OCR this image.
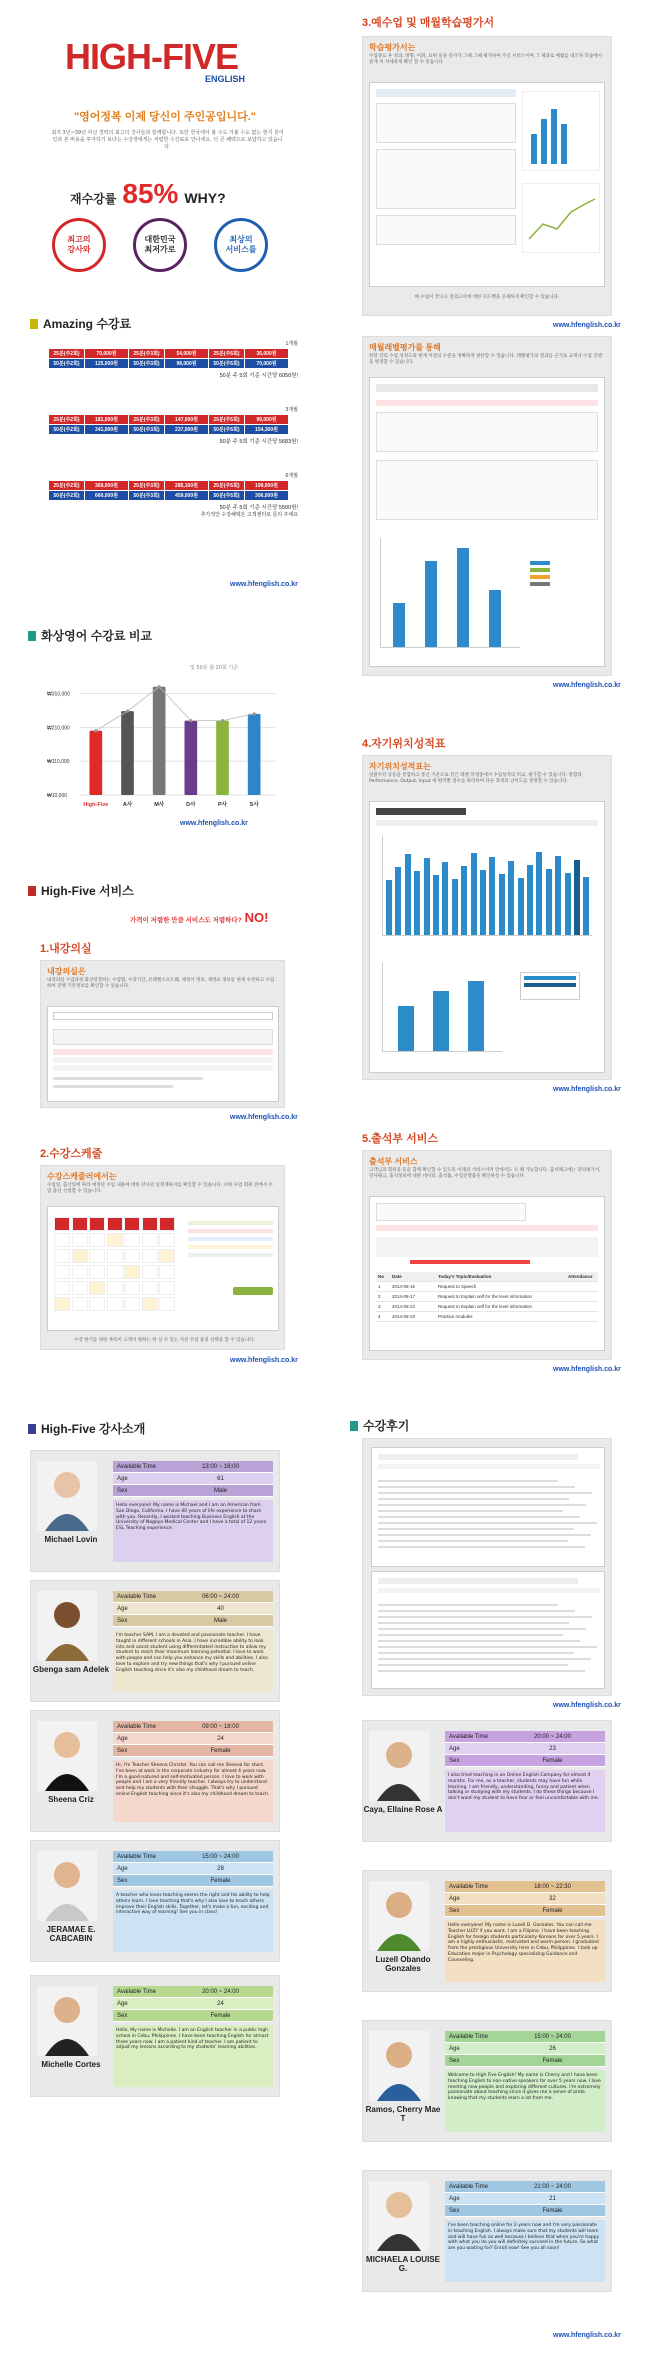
HIGH-FIVE
ENGLISH
"영어정복 이제 당신이 주인공입니다."
최지 3년~39년 여년 경력의 최고의 강사들과 함께합니다. 또한 한국에서 볼 수도 가볼 수도 없는 현지 원어민과 본 비용을 투자하기 보다는 수강생에게는 저렴한 수강료로 만나세요. 더 큰 혜택으로 보답하고 있습니다.
재수강률 85% WHY?
최고의
강사와
대한민국
최저가로
최상의
서비스를
Amazing 수강료
1개월
25분(주2회)	70,000원	25분(주3회)	54,000원	25분(주5회)	36,000원
50분(주2회)	125,000원	50분(주3회)	98,000원	50분(주5회)	70,000원
50분 주 5회 기준 시간당 6050원!
3개월
25분(주2회)	181,000원	25분(주3회)	147,000원	25분(주5회)	99,000원
50분(주2회)	341,000원	50분(주3회)	237,000원	50분(주5회)	154,300원
50분 주 5회 기준 시간당 5683원!
6개월
25분(주2회)	369,000원	25분(주3회)	285,100원	25분(주5회)	199,000원
50분(주2회)	660,000원	50분(주3회)	459,000원	50분(주5회)	306,000원
50분 주 5회 기준 시간당 5500원!
추가적인 수강혜택은 고객센터로 문의 주세요
www.hfenglish.co.kr
화상영어 수강료 비교
및 50분 월 20회 기준
₩10,000
₩110,000
₩210,000
₩310,000
High-Five	A사	M사	D사	P사	S사
www.hfenglish.co.kr
High-Five 서비스
가격이 저렴한 만큼 서비스도 저렴하다? NO!
1.내강의실
내강의실은
내강의실 수업과정 화상연결하는 수업법, 수강기간, 유레벨소프트웨, 제정서 정보, 제정표 정보등 현재 수강하고 수업하여 진행 기본정보를 확인할 수 있습니다.
www.hfenglish.co.kr
2.수강스케줄
수강스케줄러에서는
수업일, 출산일에 따라 예정된 수업 내용에 대한 강사의 일정계획서를 확인할 수 있습니다. 포한 수업 회원 전에서 수업 출신 신청할 수 있습니다.
수강 한기를 위한 목록이 고객이 원하는 한 실 수 있는 지친 수업 중의 선택을 할 수 있습니다.
www.hfenglish.co.kr
High-Five 강사소개
Michael Lovin
Available Time	13:00 ~ 16:00
Age	61
Sex	Male
Hello everyone! My name is Michael and I am an American from San Diego, California. I have 40 years of life experience to share with you. Recently, I worked teaching Business English at the University of Nagoya Medical Center and I have a total of 12 years ESL Teaching experience.
Gbenga sam Adelek
Available Time	06:00 ~ 24:00
Age	40
Sex	Male
I'm teacher SAM, I am a devoted and passionate teacher. I have taught in different schools in Asia. I have incredible ability to look into and assist student using differentiated instruction to allow my student to reach their maximum learning potential. I love to work with people and can help you enhance my skills and abilities. I also love to explore and try new things that's why I pursued online English teaching since it's also my childhood dream to teach.
Sheena Criz
Available Time	09:00 ~ 18:00
Age	24
Sex	Female
Hi, I'm Teacher Sheena Christel. You can call me Sheena for short. I've been at work in the corporate industry for almost 4 years now. I'm a good-natured and self-motivated person. I love to work with people and I am a very friendly teacher. I always try to understand and help my students with their struggle. That's why I pursued online English teaching since it's also my childhood dream to teach.
JERAMAE E. CABCABIN
Available Time	15:00 ~ 24:00
Age	28
Sex	Female
A teacher who loves teaching seems the right and his ability to help others learn. I love teaching that's why I also love to teach others improve their English skills. Together, let's make a fun, exciting and interactive way of learning! See you in class!
Michelle Cortes
Available Time	20:00 ~ 24:00
Age	24
Sex	Female
Hello, My name is Michelle. I am an English teacher in a public high school in Cebu, Philippines. I have been teaching English for almost three years now. I am a patient kind of teacher. I am patient to adjust my lessons according to my students' learning abilities.
3.예수업 및 매월학습평가서
학습평가서는
수업종료 후 성과, 방향, 어휘, 표현 등을 강사가 그때 그때 평가하여 주신 서비스이며 그 제과로 매월를 대조자 학습에서 즐게 처 자세하게 확인 할 수 있습니다.
매 수업이 끝나고 질의고서에 대한 피드백을 공새하게 확인할 수 있습니다.
www.hfenglish.co.kr
매월레벨평가를 통해
한달 간의 수업 성취도와 현재 이전의 수준을 정확하게 판단할 수 있습니다. 레벨평가의 결과를 근거로 교재나 수업 진행을 변경할 수 있습니다.
www.hfenglish.co.kr
4.자기위치성적표
자기위치성적표는
일괄수강 등등을 통합하고 통산 기준으로 같은 레벨 학생중에서 수업성적의 비교, 평가할 수 있습니다. 통합과 Performance, Output, Input 세 평역별 점수를 따라하여 다른 과정의 난이도를 결정할 수 있습니다.
www.hfenglish.co.kr
5.출석부 서비스
출석부 서비스
고객님과 회원중 등을 함께 확인할 수 있도록 아래의 서비스이며 안에서도 수 폐 가능합니다. 출석체크에는 강의평가서, 강사원고, 출석정보에 대한 데이터, 출석률, 수업진행률을 확인하실 수 있습니다.
No	Date	Today's Topic/Evaluation	Attendance
1	2014-08-16	Request to Speech
2	2014-08-17	Request to Explain self for the level information
3	2014-08-22	Request to Explain self for the level information
4	2014-08-23	Practice modules
www.hfenglish.co.kr
수강후기
www.hfenglish.co.kr
Caya, Ellaine Rose A
Available Time	20:00 ~ 24:00
Age	23
Sex	Female
I also tried teaching in an Online English Company for almost 4 months. For me, as a teacher, students may have fun while learning. I am friendly, understanding, funny and patient when talking or studying with my students. I do these things because I don't want my student to have fear or feel uncomfortable with me.
Luzell Obando Gonzales
Available Time	18:00 ~ 22:30
Age	32
Sex	Female
Hello everyone! My name is Luzell D. Gonzales. You can call me Teacher LUZY if you want. I am a Filipino. I have been teaching English for foreign students particularly Koreans for over 5 years. I am a highly enthusiastic, motivated and warm person. I graduated from the prestigious University here in Cebu, Philippines. I took up Education major in Psychology specializing Guidance and Counseling.
Ramos, Cherry Mae T
Available Time	15:00 ~ 24:00
Age	26
Sex	Female
Welcome to High Five English! My name is Cherry and I have been teaching English to non-native speakers for over 5 years now. I love meeting new people and exploring different cultures. I'm extremely passionate about teaching since it gives me a sense of pride knowing that my students learn a lot from me.
MICHAELA LOUISE G.
Available Time	21:00 ~ 24:00
Age	21
Sex	Female
I've been teaching online for 2 years now and I'm very passionate in teaching English. I always make sure that my students will learn and will have fun as well because I believe that when you're happy with what you do you will definitely succeed in the future. So what are you waiting for? Enroll now! See you all soon!
www.hfenglish.co.kr
